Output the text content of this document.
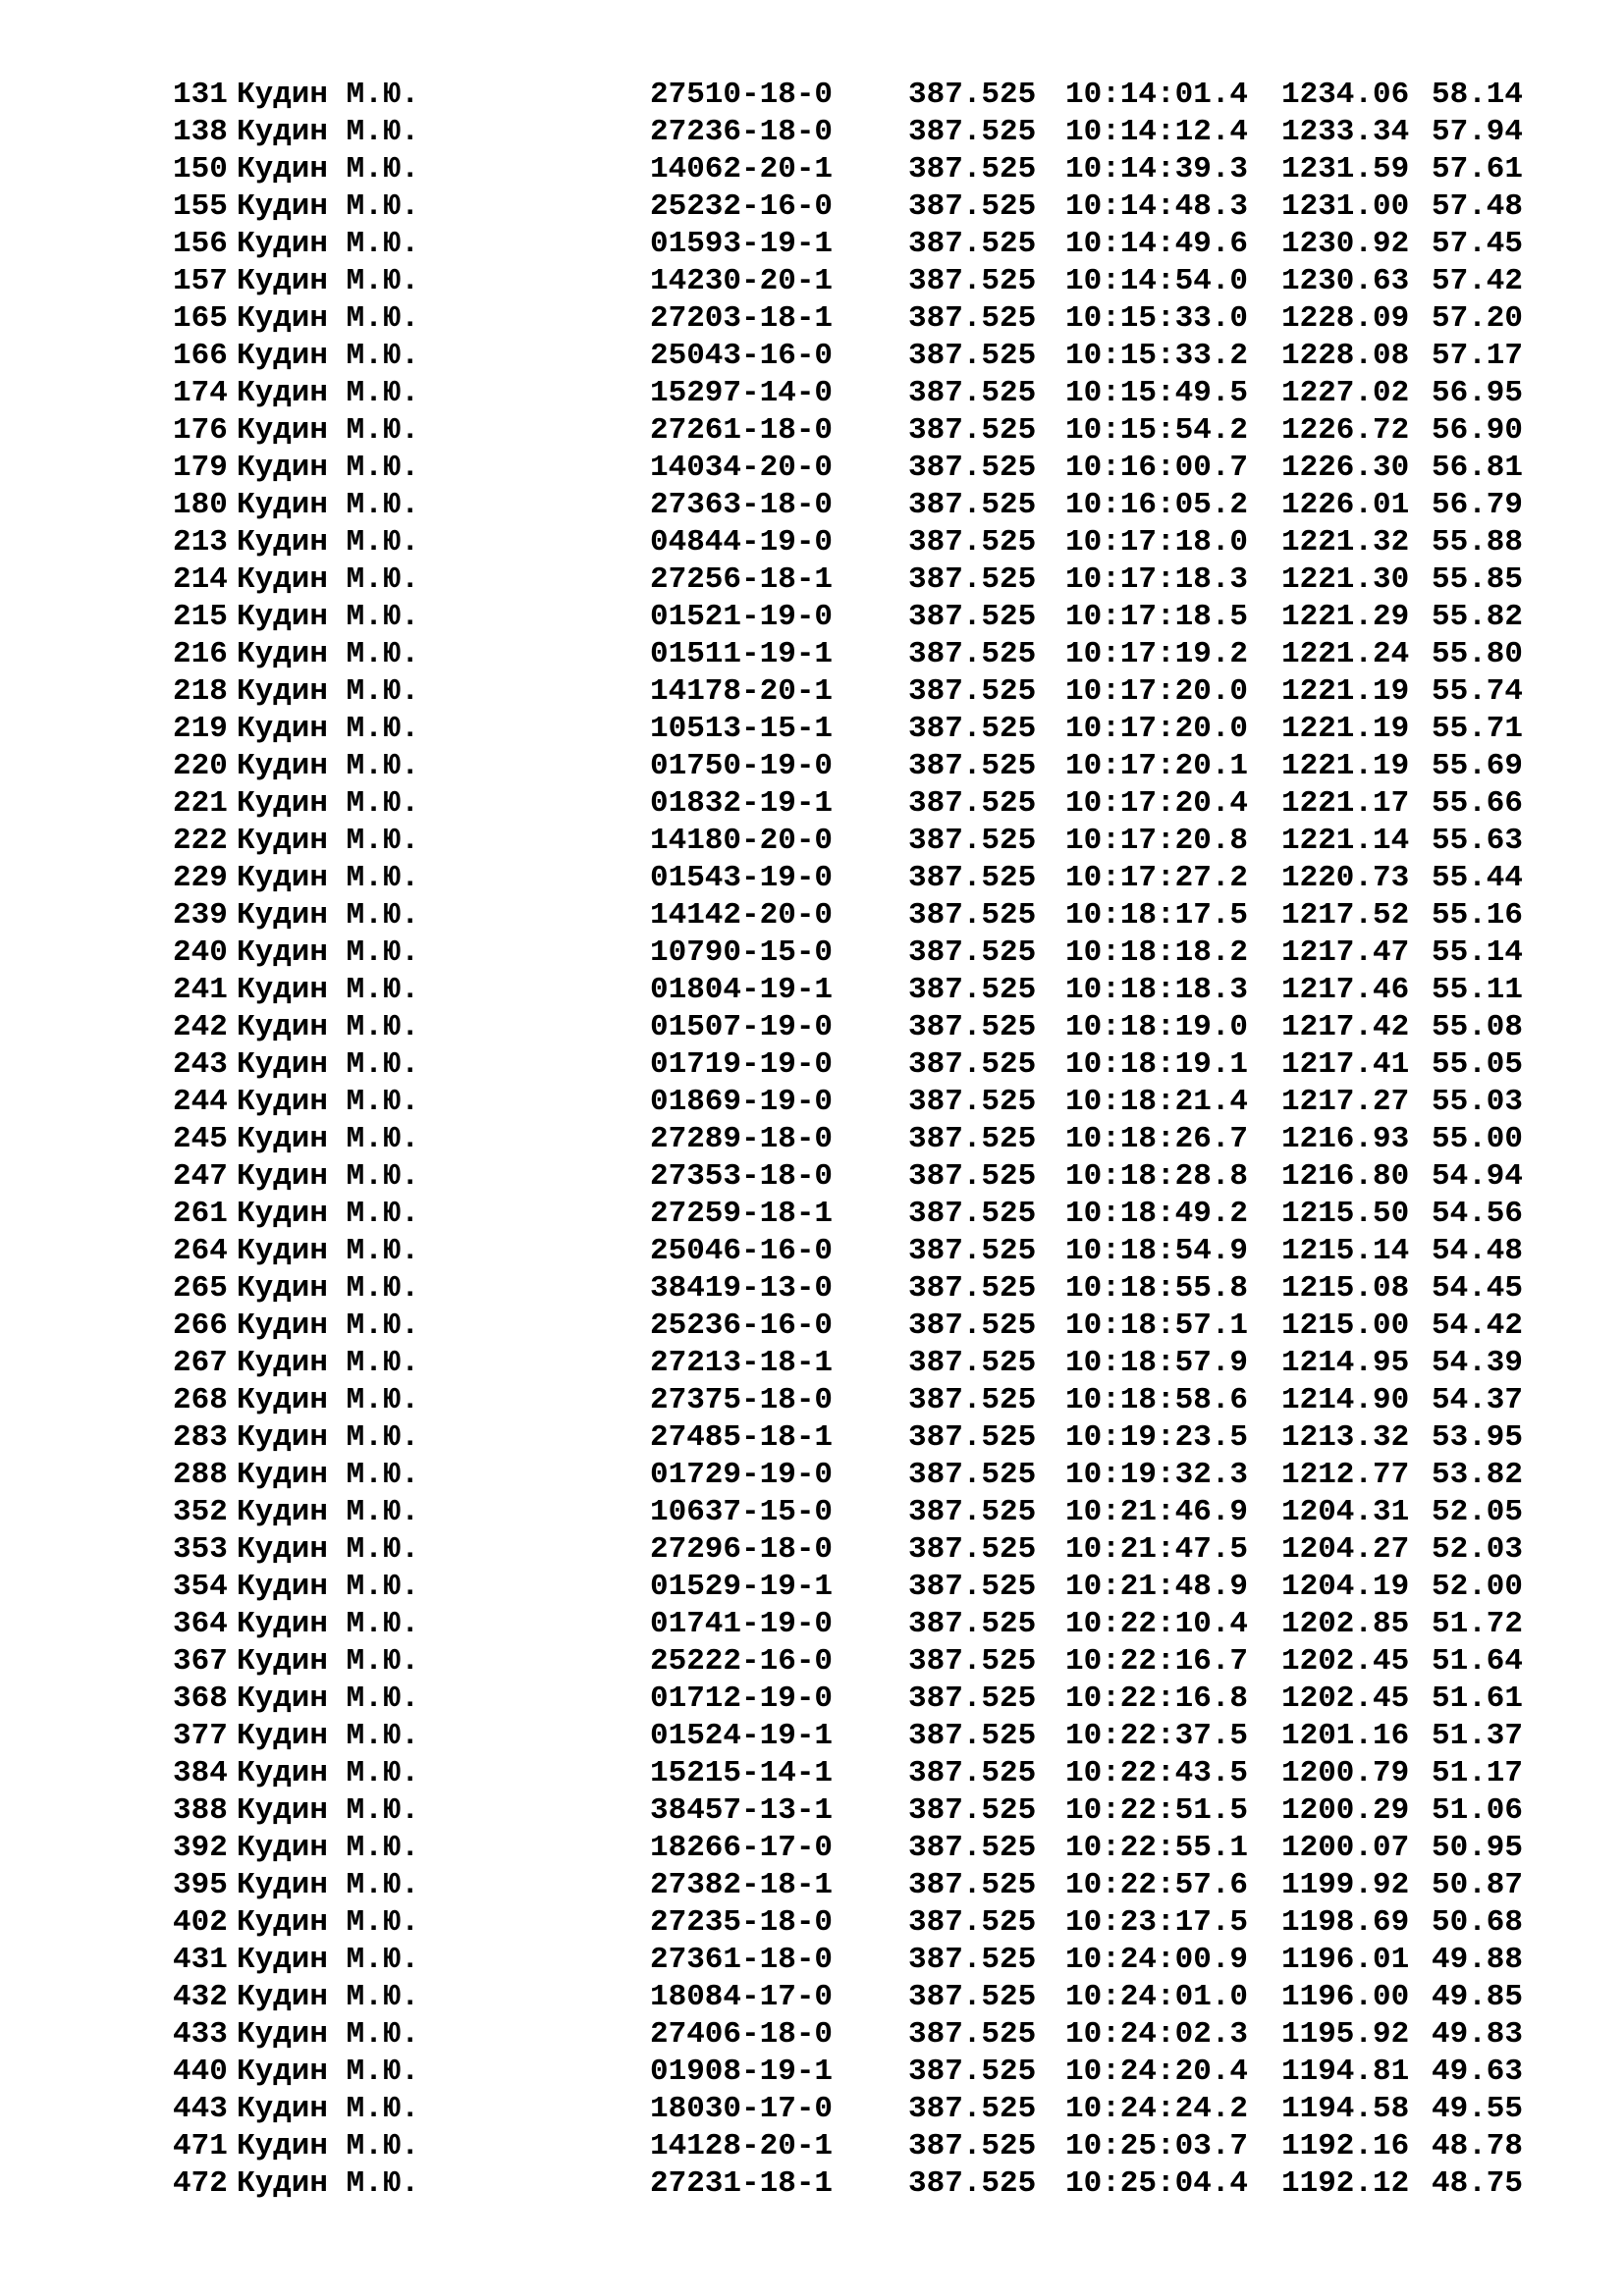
131 Кудин М.Ю.	27510-18-0	387.525 10:14:01.4	1234.06 58.14
138 Кудин М.Ю.	27236-18-0	387.525 10:14:12.4	1233.34 57.94
150 Кудин М.Ю.	14062-20-1	387.525 10:14:39.3	1231.59 57.61
155 Кудин М.Ю.	25232-16-0	387.525 10:14:48.3	1231.00 57.48
156 Кудин М.Ю.	01593-19-1	387.525 10:14:49.6	1230.92 57.45
157 Кудин М.Ю.	14230-20-1	387.525 10:14:54.0	1230.63 57.42
165 Кудин М.Ю.	27203-18-1	387.525 10:15:33.0	1228.09 57.20
166 Кудин М.Ю.	25043-16-0	387.525 10:15:33.2	1228.08 57.17
174 Кудин М.Ю.	15297-14-0	387.525 10:15:49.5	1227.02 56.95
176 Кудин М.Ю.	27261-18-0	387.525 10:15:54.2	1226.72 56.90
179 Кудин М.Ю.	14034-20-0	387.525 10:16:00.7	1226.30 56.81
180 Кудин М.Ю.	27363-18-0	387.525 10:16:05.2	1226.01 56.79
213 Кудин М.Ю.	04844-19-0	387.525 10:17:18.0	1221.32 55.88
214 Кудин М.Ю.	27256-18-1	387.525 10:17:18.3	1221.30 55.85
215 Кудин М.Ю.	01521-19-0	387.525 10:17:18.5	1221.29 55.82
216 Кудин М.Ю.	01511-19-1	387.525 10:17:19.2	1221.24 55.80
218 Кудин М.Ю.	14178-20-1	387.525 10:17:20.0	1221.19 55.74
219 Кудин М.Ю.	10513-15-1	387.525 10:17:20.0	1221.19 55.71
220 Кудин М.Ю.	01750-19-0	387.525 10:17:20.1	1221.19 55.69
221 Кудин М.Ю.	01832-19-1	387.525 10:17:20.4	1221.17 55.66
222 Кудин М.Ю.	14180-20-0	387.525 10:17:20.8	1221.14 55.63
229 Кудин М.Ю.	01543-19-0	387.525 10:17:27.2	1220.73 55.44
239 Кудин М.Ю.	14142-20-0	387.525 10:18:17.5	1217.52 55.16
240 Кудин М.Ю.	10790-15-0	387.525 10:18:18.2	1217.47 55.14
241 Кудин М.Ю.	01804-19-1	387.525 10:18:18.3	1217.46 55.11
242 Кудин М.Ю.	01507-19-0	387.525 10:18:19.0	1217.42 55.08
243 Кудин М.Ю.	01719-19-0	387.525 10:18:19.1	1217.41 55.05
244 Кудин М.Ю.	01869-19-0	387.525 10:18:21.4	1217.27 55.03
245 Кудин М.Ю.	27289-18-0	387.525 10:18:26.7	1216.93 55.00
247 Кудин М.Ю.	27353-18-0	387.525 10:18:28.8	1216.80 54.94
261 Кудин М.Ю.	27259-18-1	387.525 10:18:49.2	1215.50 54.56
264 Кудин М.Ю.	25046-16-0	387.525 10:18:54.9	1215.14 54.48
265 Кудин М.Ю.	38419-13-0	387.525 10:18:55.8	1215.08 54.45
266 Кудин М.Ю.	25236-16-0	387.525 10:18:57.1	1215.00 54.42
267 Кудин М.Ю.	27213-18-1	387.525 10:18:57.9	1214.95 54.39
268 Кудин М.Ю.	27375-18-0	387.525 10:18:58.6	1214.90 54.37
283 Кудин М.Ю.	27485-18-1	387.525 10:19:23.5	1213.32 53.95
288 Кудин М.Ю.	01729-19-0	387.525 10:19:32.3	1212.77 53.82
352 Кудин М.Ю.	10637-15-0	387.525 10:21:46.9	1204.31 52.05
353 Кудин М.Ю.	27296-18-0	387.525 10:21:47.5	1204.27 52.03
354 Кудин М.Ю.	01529-19-1	387.525 10:21:48.9	1204.19 52.00
364 Кудин М.Ю.	01741-19-0	387.525 10:22:10.4	1202.85 51.72
367 Кудин М.Ю.	25222-16-0	387.525 10:22:16.7	1202.45 51.64
368 Кудин М.Ю.	01712-19-0	387.525 10:22:16.8	1202.45 51.61
377 Кудин М.Ю.	01524-19-1	387.525 10:22:37.5	1201.16 51.37
384 Кудин М.Ю.	15215-14-1	387.525 10:22:43.5	1200.79 51.17
388 Кудин М.Ю.	38457-13-1	387.525 10:22:51.5	1200.29 51.06
392 Кудин М.Ю.	18266-17-0	387.525 10:22:55.1	1200.07 50.95
395 Кудин М.Ю.	27382-18-1	387.525 10:22:57.6	1199.92 50.87
402 Кудин М.Ю.	27235-18-0	387.525 10:23:17.5	1198.69 50.68
431 Кудин М.Ю.	27361-18-0	387.525 10:24:00.9	1196.01 49.88
432 Кудин М.Ю.	18084-17-0	387.525 10:24:01.0	1196.00 49.85
433 Кудин М.Ю.	27406-18-0	387.525 10:24:02.3	1195.92 49.83
440 Кудин М.Ю.	01908-19-1	387.525 10:24:20.4	1194.81 49.63
443 Кудин М.Ю.	18030-17-0	387.525 10:24:24.2	1194.58 49.55
471 Кудин М.Ю.	14128-20-1	387.525 10:25:03.7	1192.16 48.78
472 Кудин М.Ю.	27231-18-1	387.525 10:25:04.4	1192.12 48.75
